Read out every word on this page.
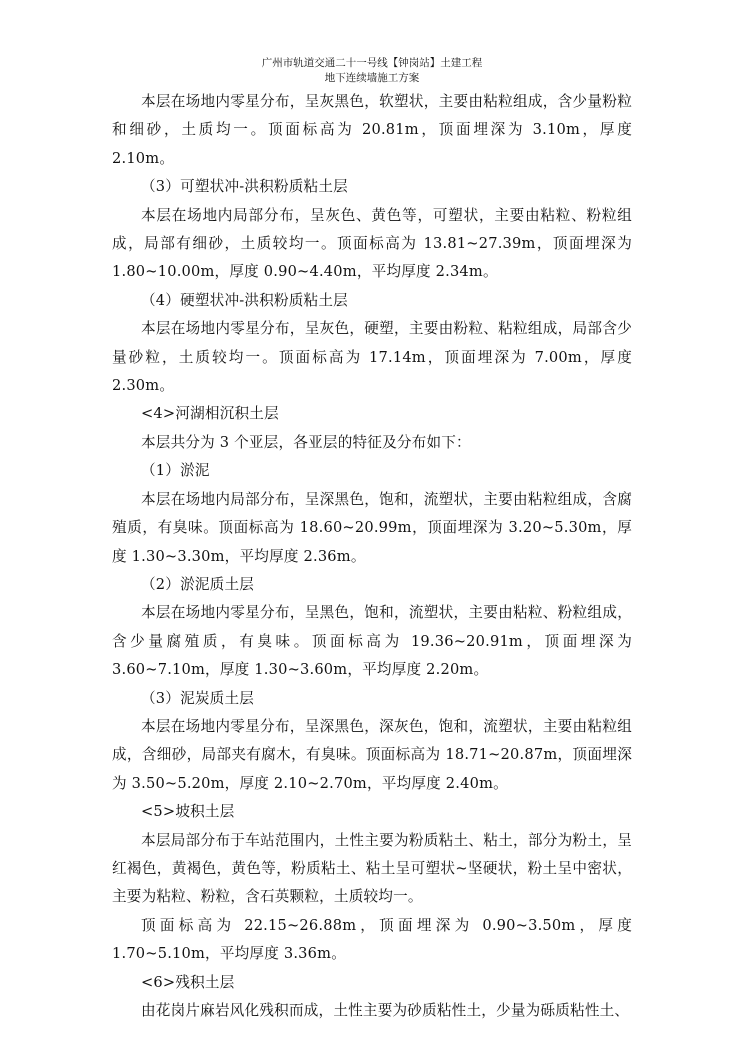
广州市轨道交通二十一号线【钟岗站】土建工程
地下连续墙施工方案

本层在场地内零星分布，呈灰黑色，软塑状，主要由粘粒组成，含少量粉粒和细砂，土质均一。顶面标高为 20.81m，顶面埋深为 3.10m，厚度 2.10m。

（3）可塑状冲-洪积粉质粘土层

本层在场地内局部分布，呈灰色、黄色等，可塑状，主要由粘粒、粉粒组成，局部有细砂，土质较均一。顶面标高为 13.81~27.39m，顶面埋深为 1.80~10.00m，厚度 0.90~4.40m，平均厚度 2.34m。

（4）硬塑状冲-洪积粉质粘土层

本层在场地内零星分布，呈灰色，硬塑，主要由粉粒、粘粒组成，局部含少量砂粒，土质较均一。顶面标高为 17.14m，顶面埋深为 7.00m，厚度 2.30m。

<4>河湖相沉积土层

本层共分为 3 个亚层，各亚层的特征及分布如下：

（1）淤泥

本层在场地内局部分布，呈深黑色，饱和，流塑状，主要由粘粒组成，含腐殖质，有臭味。顶面标高为 18.60~20.99m，顶面埋深为 3.20~5.30m，厚度 1.30~3.30m，平均厚度 2.36m。

（2）淤泥质土层

本层在场地内零星分布，呈黑色，饱和，流塑状，主要由粘粒、粉粒组成，含少量腐殖质，有臭味。顶面标高为 19.36~20.91m，顶面埋深为 3.60~7.10m，厚度 1.30~3.60m，平均厚度 2.20m。

（3）泥炭质土层

本层在场地内零星分布，呈深黑色，深灰色，饱和，流塑状，主要由粘粒组成，含细砂，局部夹有腐木，有臭味。顶面标高为 18.71~20.87m，顶面埋深为 3.50~5.20m，厚度 2.10~2.70m，平均厚度 2.40m。

<5>坡积土层

本层局部分布于车站范围内，土性主要为粉质粘土、粘土，部分为粉土，呈红褐色，黄褐色，黄色等，粉质粘土、粘土呈可塑状~坚硬状，粉土呈中密状，主要为粘粒、粉粒，含石英颗粒，土质较均一。

顶面标高为 22.15~26.88m，顶面埋深为 0.90~3.50m，厚度 1.70~5.10m，平均厚度 3.36m。

<6>残积土层

由花岗片麻岩风化残积而成，土性主要为砂质粘性土，少量为砾质粘性土、
